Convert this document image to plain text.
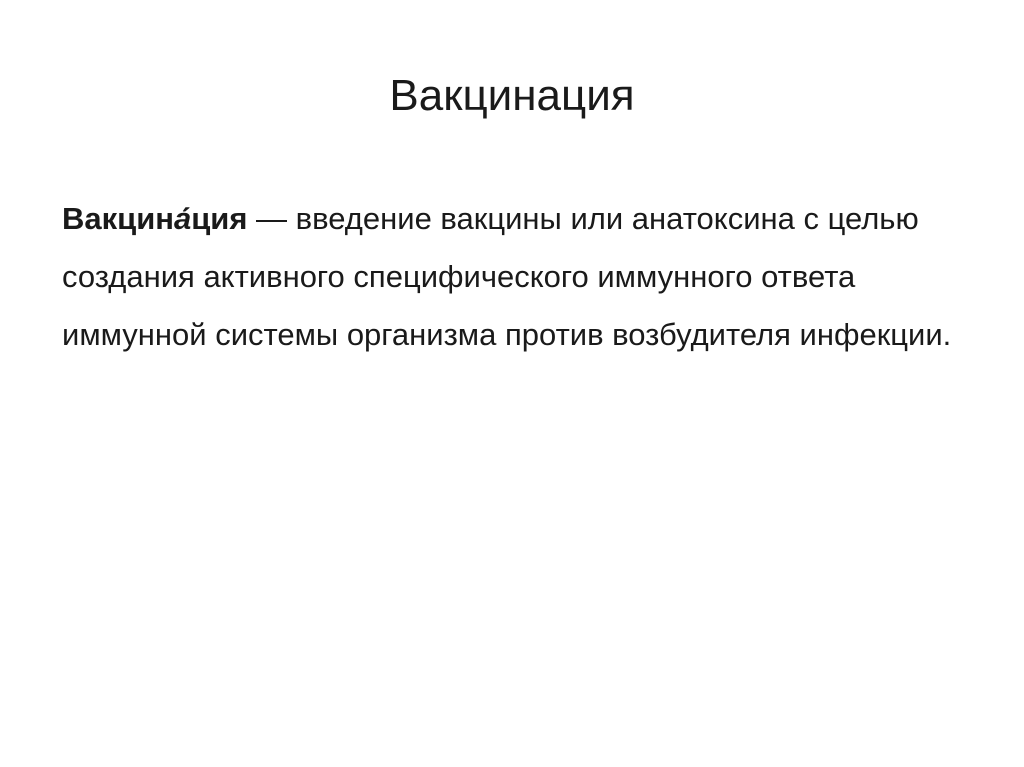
Вакцинация

Вакцина́ция — введение вакцины или анатоксина с целью создания активного специфического иммунного ответа иммунной системы организма против возбудителя инфекции.
